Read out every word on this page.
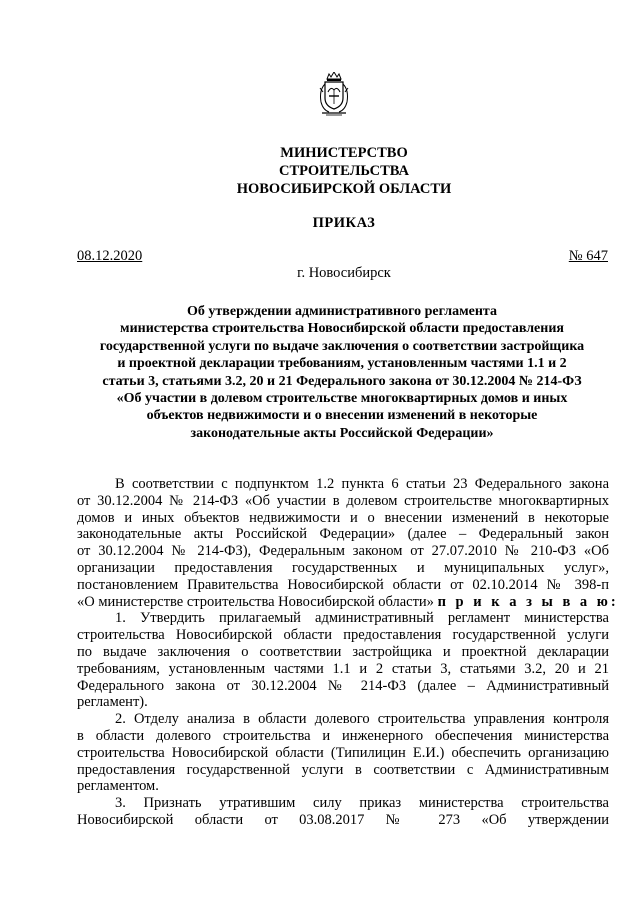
МИНИСТЕРСТВО
СТРОИТЕЛЬСТВА
НОВОСИБИРСКОЙ ОБЛАСТИ
ПРИКАЗ
08.12.2020	№ 647
г. Новосибирск
Об утверждении административного регламента
министерства строительства Новосибирской области предоставления
государственной услуги по выдаче заключения о соответствии застройщика
и проектной декларации требованиям, установленным частями 1.1 и 2
статьи 3, статьями 3.2, 20 и 21 Федерального закона от 30.12.2004 № 214-ФЗ
«Об участии в долевом строительстве многоквартирных домов и иных
объектов недвижимости и о внесении изменений в некоторые
законодательные акты Российской Федерации»
В соответствии с подпунктом 1.2 пункта 6 статьи 23 Федерального закона
от 30.12.2004 № 214-ФЗ «Об участии в долевом строительстве многоквартирных
домов и иных объектов недвижимости и о внесении изменений в некоторые
законодательные акты Российской Федерации» (далее – Федеральный закон
от 30.12.2004 № 214-ФЗ), Федеральным законом от 27.07.2010 № 210-ФЗ «Об
организации предоставления государственных и муниципальных услуг»,
постановлением Правительства Новосибирской области от 02.10.2014 № 398-п
«О министерстве строительства Новосибирской области» п р и к а з ы в а ю:
1. Утвердить прилагаемый административный регламент министерства
строительства Новосибирской области предоставления государственной услуги
по выдаче заключения о соответствии застройщика и проектной декларации
требованиям, установленным частями 1.1 и 2 статьи 3, статьями 3.2, 20 и 21
Федерального закона от 30.12.2004 № 214-ФЗ (далее – Административный
регламент).
2. Отделу анализа в области долевого строительства управления контроля
в области долевого строительства и инженерного обеспечения министерства
строительства Новосибирской области (Типилицин Е.И.) обеспечить организацию
предоставления государственной услуги в соответствии с Административным
регламентом.
3. Признать утратившим силу приказ министерства строительства
Новосибирской области от 03.08.2017 № 273 «Об утверждении
